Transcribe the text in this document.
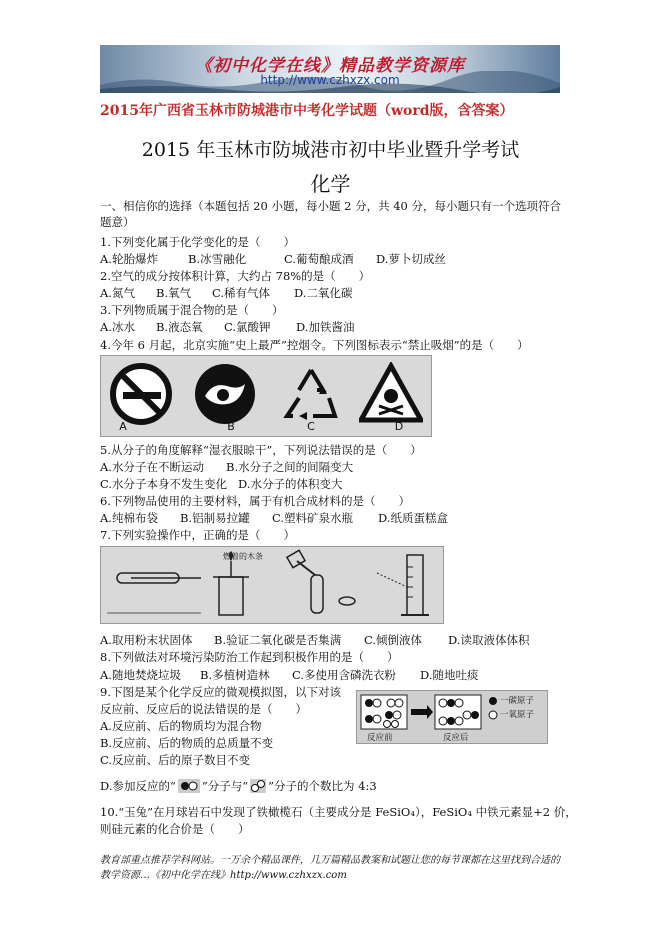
《初中化学在线》精品教学资源库
http://www.czhxzx.com
2015年广西省玉林市防城港市中考化学试题（word版，含答案）
2015 年玉林市防城港市初中毕业暨升学考试
化学
一、相信你的选择（本题包括 20 小题，每小题 2 分，共 40 分，每小题只有一个选项符合题意）
1.下列变化属于化学变化的是（　　）
A.轮胎爆炸	B.冰雪融化	C.葡萄酿成酒	D.萝卜切成丝
2.空气的成分按体积计算，大约占 78%的是（　　）
A.氮气	B.氧气	C.稀有气体	D.二氧化碳
3.下列物质属于混合物的是（　　）
A.冰水	B.液态氧	C.氯酸钾	D.加铁酱油
4.今年 6 月起，北京实施“史上最严”控烟令。下列图标表示“禁止吸烟”的是（　　）
A	B	C	D
5.从分子的角度解释“湿衣服晾干”，下列说法错误的是（　　）
A.水分子在不断运动	B.水分子之间的间隔变大
C.水分子本身不发生变化 D.水分子的体积变大
6.下列物品使用的主要材料，属于有机合成材料的是（　　）
A.纯棉布袋	B.铝制易拉罐	C.塑料矿泉水瓶	D.纸质蛋糕盒
7.下列实验操作中，正确的是（　　）
燃着的木条
A.取用粉末状固体	B.验证二氧化碳是否集满	C.倾倒液体	D.读取液体体积
8.下列做法对环境污染防治工作起到积极作用的是（　　）
A.随地焚烧垃圾	B.多植树造林	C.多使用含磷洗衣粉	D.随地吐痰
9.下图是某个化学反应的微观模拟图，以下对该
反应前、反应后的说法错误的是（　　）
A.反应前、后的物质均为混合物
B.反应前、后的物质的总质量不变
C.反应前、后的原子数目不变
一碳原子
一氧原子
反应前	反应后
D.参加反应的“ ”分子与“ ”分子的个数比为 4:3
10.“玉兔”在月球岩石中发现了铁橄榄石（主要成分是 FeSiO₄），FeSiO₄ 中铁元素显+2 价，
则硅元素的化合价是（　　）
教育部重点推荐学科网站。一万余个精品课件，几万篇精品教案和试题让您的每节课都在这里找到合适的
教学资源…《初中化学在线》http://www.czhxzx.com
